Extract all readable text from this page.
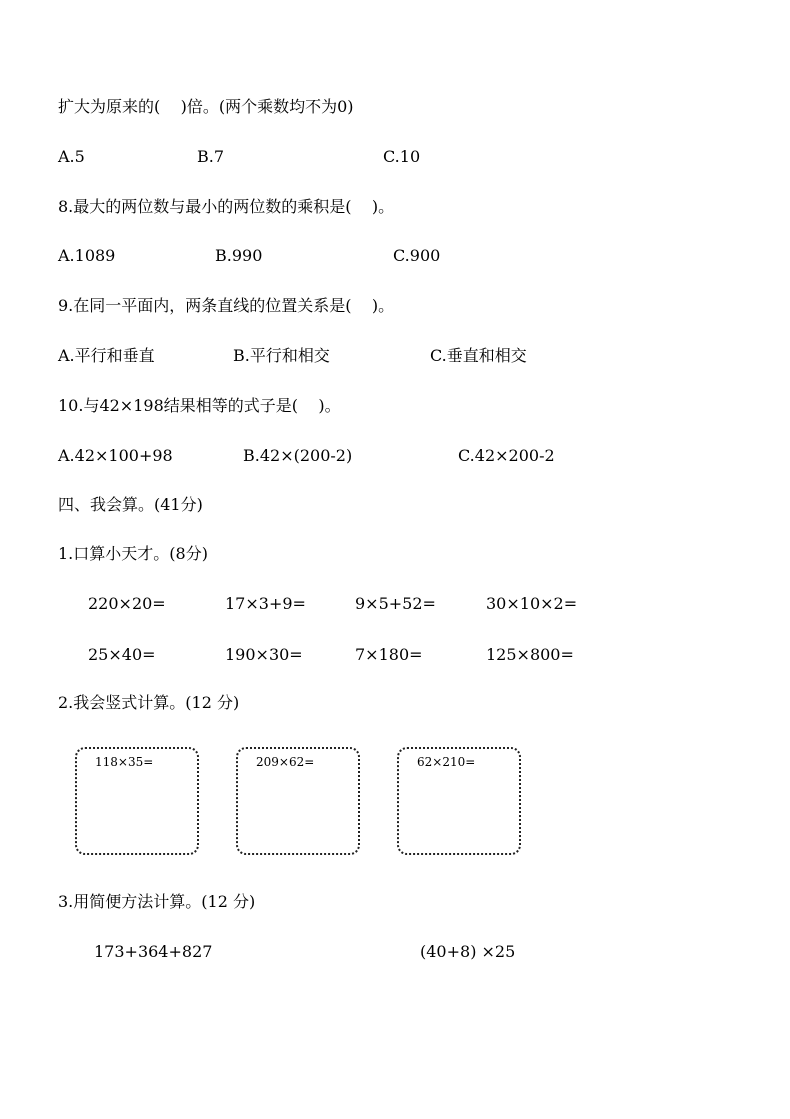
扩大为原来的(    )倍。(两个乘数均不为0)
A.5	B.7	C.10
8.最大的两位数与最小的两位数的乘积是(    )。
A.1089	B.990	C.900
9.在同一平面内，两条直线的位置关系是(    )。
A.平行和垂直	B.平行和相交	C.垂直和相交
10.与42×198结果相等的式子是(    )。
A.42×100+98	B.42×(200-2)	C.42×200-2
四、我会算。(41分)
1.口算小天才。(8分)
220×20=	17×3+9=	9×5+52=	30×10×2=
25×40=	190×30=	7×180=	125×800=
2.我会竖式计算。(12 分)
118×35=	209×62=	62×210=
3.用简便方法计算。(12 分)
173+364+827	(40+8) ×25
